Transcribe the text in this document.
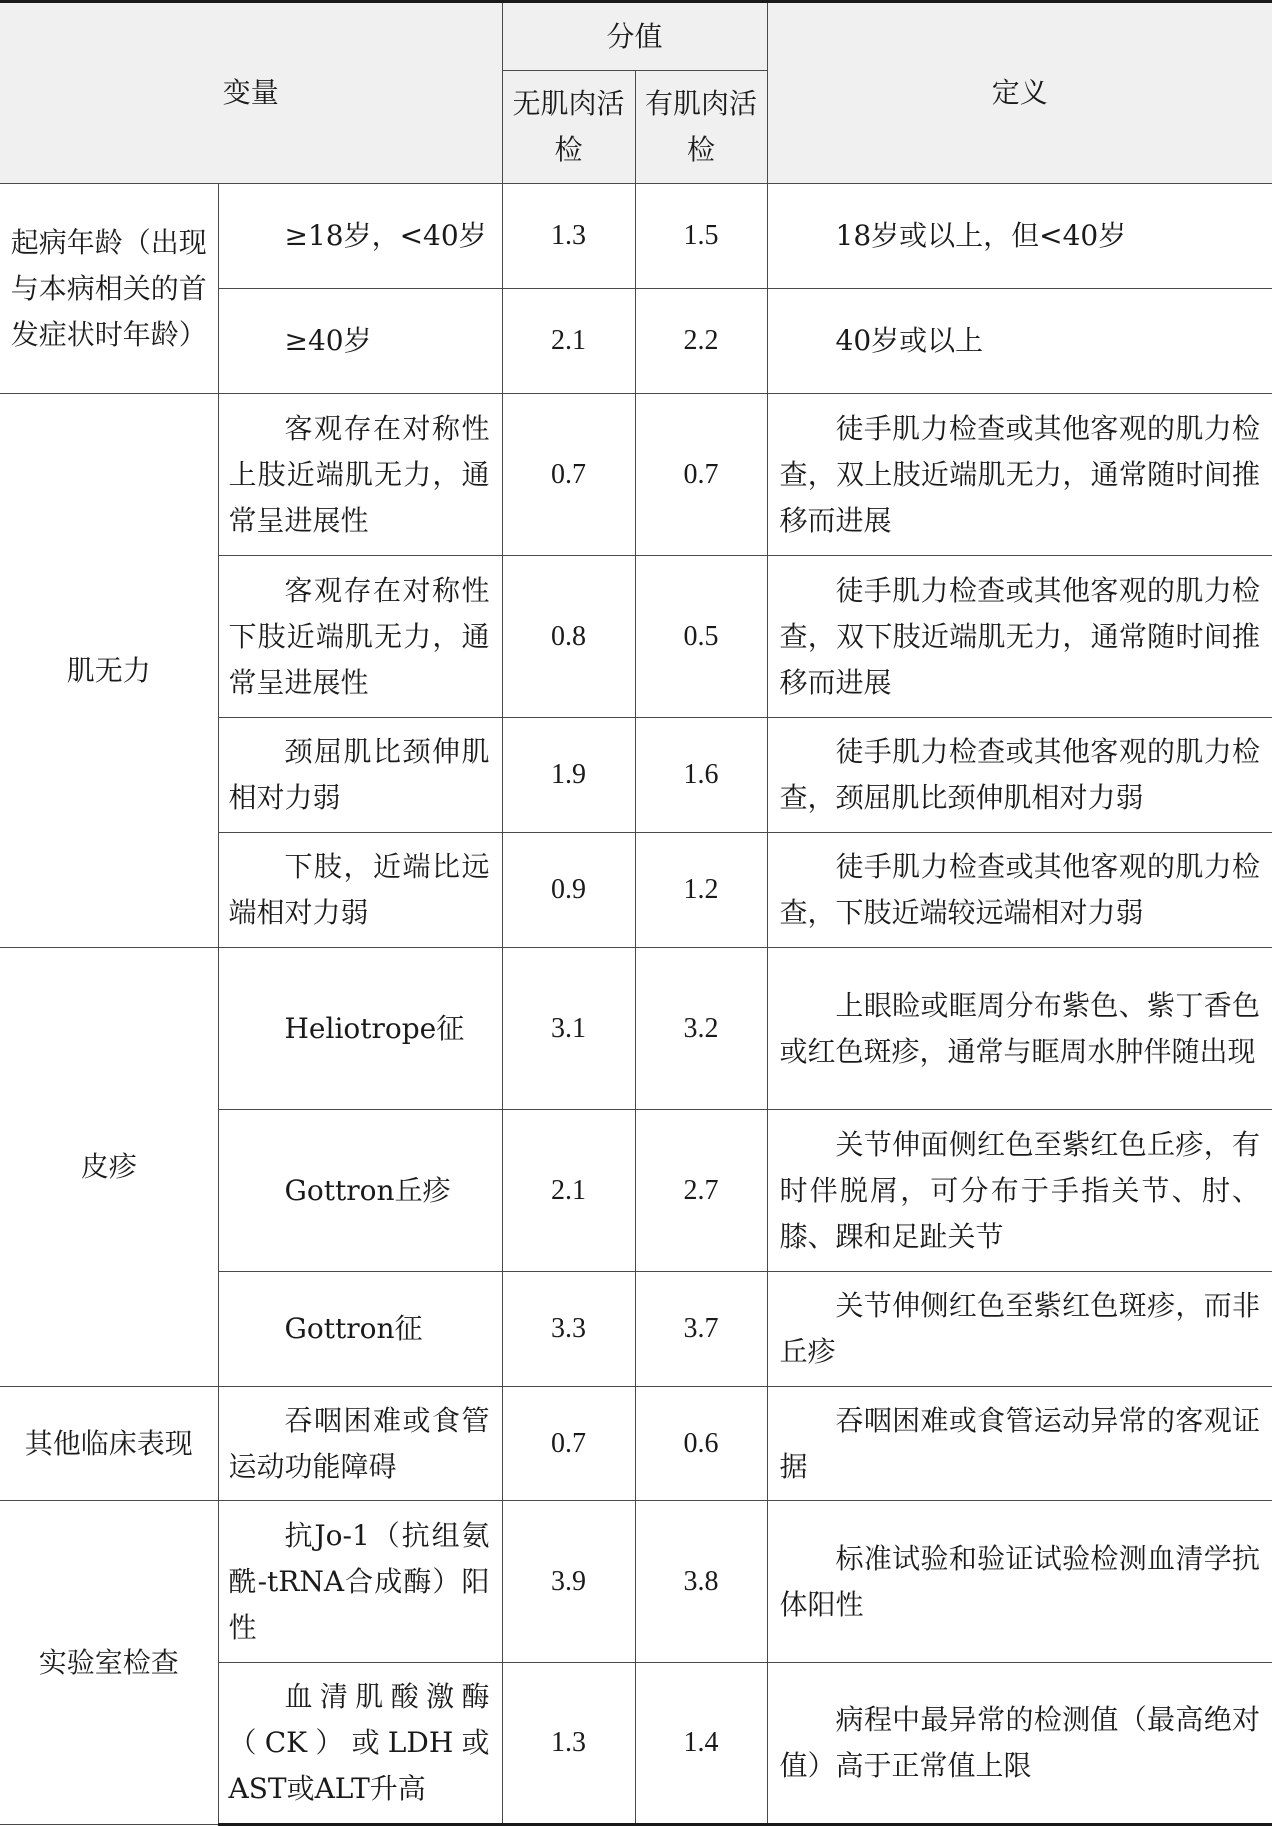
变量		分值		定义
		无肌肉活检	有肌肉活检	
起病年龄（出现与本病相关的首发症状时年龄）	≥18岁，<40岁	1.3	1.5	18岁或以上，但<40岁
	≥40岁	2.1	2.2	40岁或以上
肌无力	客观存在对称性上肢近端肌无力，通常呈进展性	0.7	0.7	徒手肌力检查或其他客观的肌力检查，双上肢近端肌无力，通常随时间推移而进展
	客观存在对称性下肢近端肌无力，通常呈进展性	0.8	0.5	徒手肌力检查或其他客观的肌力检查，双下肢近端肌无力，通常随时间推移而进展
	颈屈肌比颈伸肌相对力弱	1.9	1.6	徒手肌力检查或其他客观的肌力检查，颈屈肌比颈伸肌相对力弱
	下肢，近端比远端相对力弱	0.9	1.2	徒手肌力检查或其他客观的肌力检查，下肢近端较远端相对力弱
皮疹	Heliotrope征	3.1	3.2	上眼睑或眶周分布紫色、紫丁香色或红色斑疹，通常与眶周水肿伴随出现
	Gottron丘疹	2.1	2.7	关节伸面侧红色至紫红色丘疹，有时伴脱屑，可分布于手指关节、肘、膝、踝和足趾关节
	Gottron征	3.3	3.7	关节伸侧红色至紫红色斑疹，而非丘疹
其他临床表现	吞咽困难或食管运动功能障碍	0.7	0.6	吞咽困难或食管运动异常的客观证据
实验室检查	抗Jo-1（抗组氨酰-tRNA合成酶）阳性	3.9	3.8	标准试验和验证试验检测血清学抗体阳性
	血清肌酸激酶（CK）或LDH或AST或ALT升高	1.3	1.4	病程中最异常的检测值（最高绝对值）高于正常值上限
